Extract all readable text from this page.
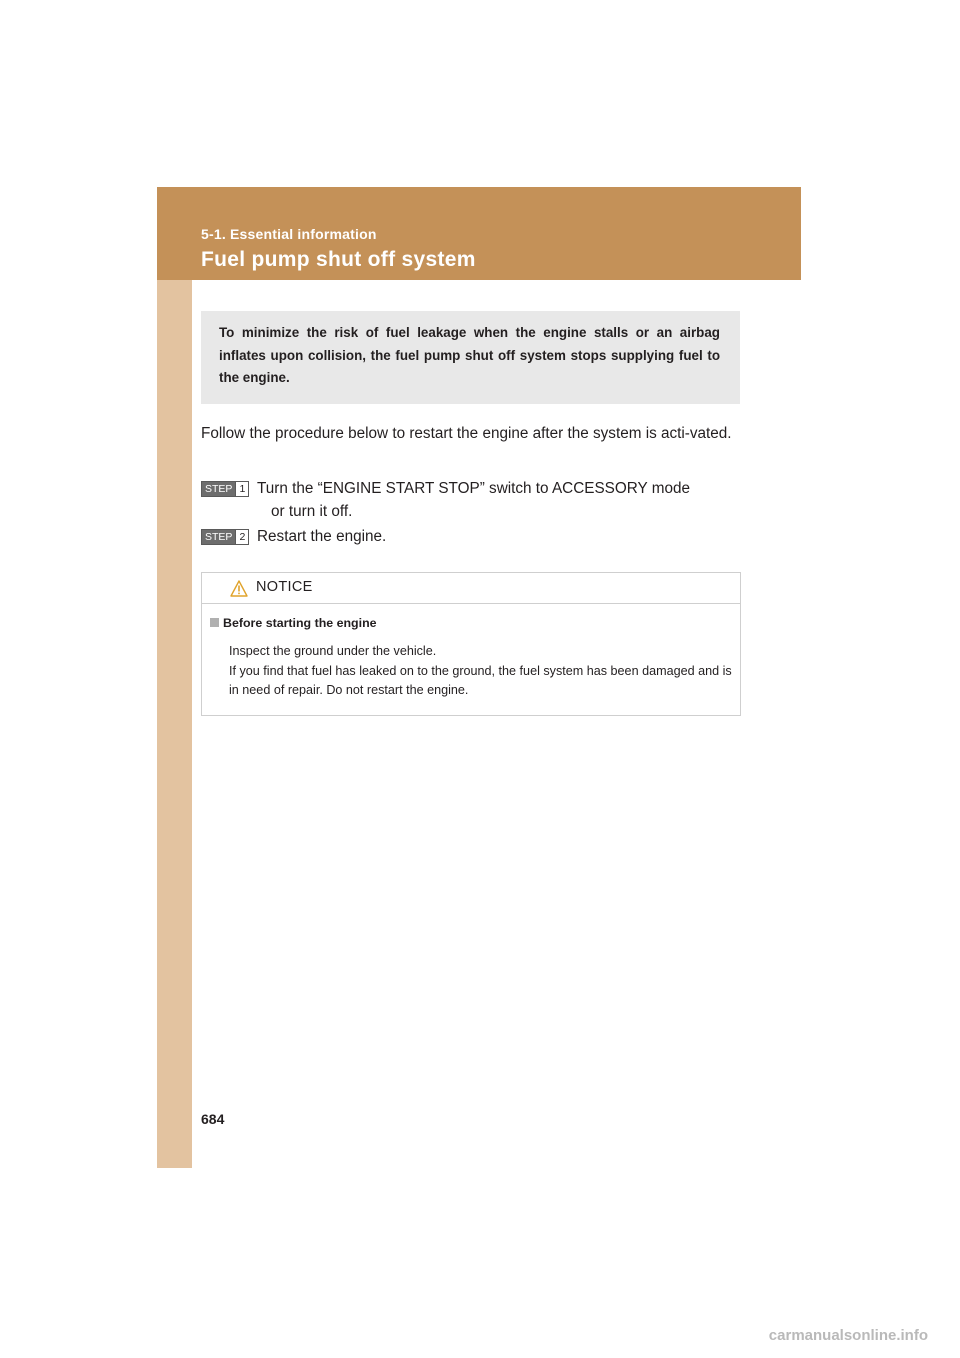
5-1. Essential information
Fuel pump shut off system
To minimize the risk of fuel leakage when the engine stalls or an airbag inflates upon collision, the fuel pump shut off system stops supplying fuel to the engine.
Follow the procedure below to restart the engine after the system is acti-vated.
STEP 1 Turn the “ENGINE START STOP” switch to ACCESSORY mode
or turn it off.
STEP 2 Restart the engine.
NOTICE
Before starting the engine
Inspect the ground under the vehicle.
If you find that fuel has leaked on to the ground, the fuel system has been damaged and is in need of repair. Do not restart the engine.
684
carmanualsonline.info
